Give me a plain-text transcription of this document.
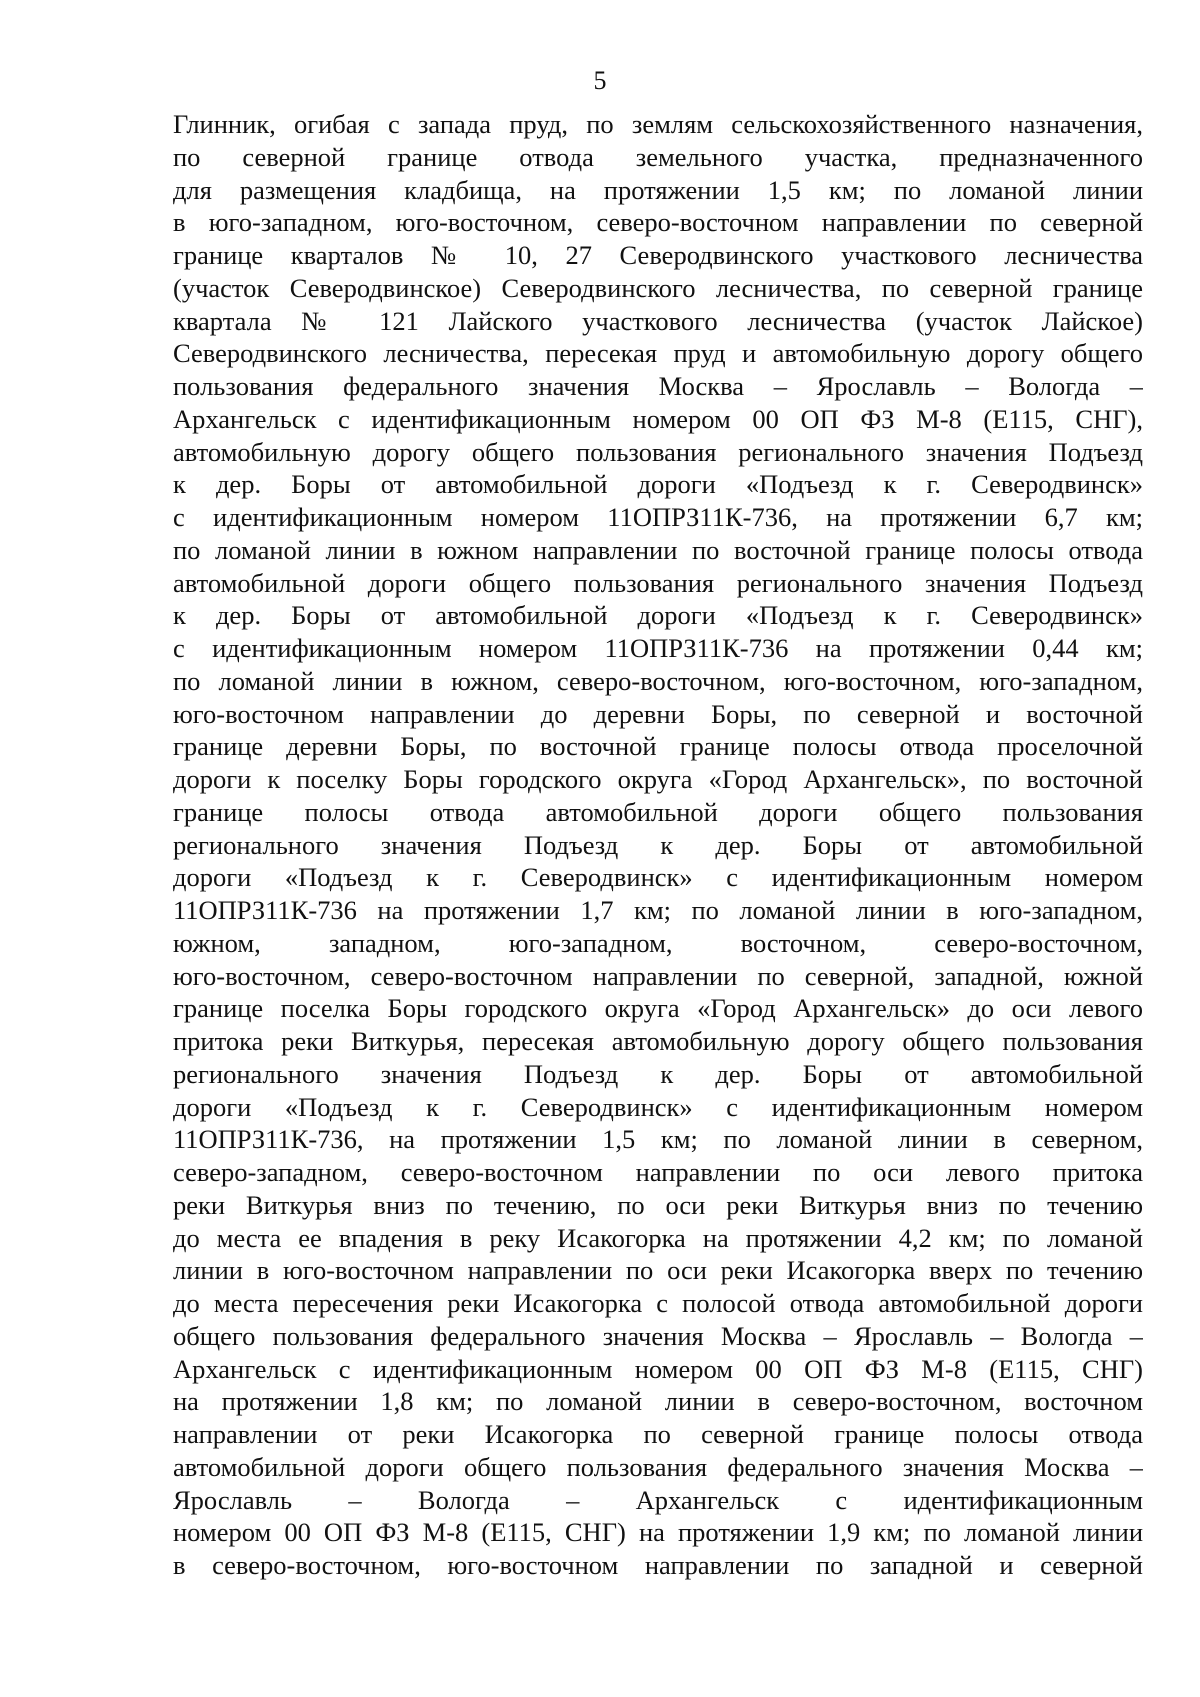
5
Глинник, огибая с запада пруд, по землям сельскохозяйственного назначения,
по северной границе отвода земельного участка, предназначенного
для размещения кладбища, на протяжении 1,5 км; по ломаной линии
в юго-западном, юго-восточном, северо-восточном направлении по северной
границе кварталов № 10, 27 Северодвинского участкового лесничества
(участок Северодвинское) Северодвинского лесничества, по северной границе
квартала № 121 Лайского участкового лесничества (участок Лайское)
Северодвинского лесничества, пересекая пруд и автомобильную дорогу общего
пользования федерального значения Москва – Ярославль – Вологда –
Архангельск с идентификационным номером 00 ОП ФЗ М-8 (Е115, СНГ),
автомобильную дорогу общего пользования регионального значения Подъезд
к дер. Боры от автомобильной дороги «Подъезд к г. Северодвинск»
с идентификационным номером 11ОПРЗ11К-736, на протяжении 6,7 км;
по ломаной линии в южном направлении по восточной границе полосы отвода
автомобильной дороги общего пользования регионального значения Подъезд
к дер. Боры от автомобильной дороги «Подъезд к г. Северодвинск»
с идентификационным номером 11ОПРЗ11К-736 на протяжении 0,44 км;
по ломаной линии в южном, северо-восточном, юго-восточном, юго-западном,
юго-восточном направлении до деревни Боры, по северной и восточной
границе деревни Боры, по восточной границе полосы отвода проселочной
дороги к поселку Боры городского округа «Город Архангельск», по восточной
границе полосы отвода автомобильной дороги общего пользования
регионального значения Подъезд к дер. Боры от автомобильной
дороги «Подъезд к г. Северодвинск» с идентификационным номером
11ОПРЗ11К-736 на протяжении 1,7 км; по ломаной линии в юго-западном,
южном, западном, юго-западном, восточном, северо-восточном,
юго-восточном, северо-восточном направлении по северной, западной, южной
границе поселка Боры городского округа «Город Архангельск» до оси левого
притока реки Виткурья, пересекая автомобильную дорогу общего пользования
регионального значения Подъезд к дер. Боры от автомобильной
дороги «Подъезд к г. Северодвинск» с идентификационным номером
11ОПРЗ11К-736, на протяжении 1,5 км; по ломаной линии в северном,
северо-западном, северо-восточном направлении по оси левого притока
реки Виткурья вниз по течению, по оси реки Виткурья вниз по течению
до места ее впадения в реку Исакогорка на протяжении 4,2 км; по ломаной
линии в юго-восточном направлении по оси реки Исакогорка вверх по течению
до места пересечения реки Исакогорка с полосой отвода автомобильной дороги
общего пользования федерального значения Москва – Ярославль – Вологда –
Архангельск с идентификационным номером 00 ОП ФЗ М-8 (Е115, СНГ)
на протяжении 1,8 км; по ломаной линии в северо-восточном, восточном
направлении от реки Исакогорка по северной границе полосы отвода
автомобильной дороги общего пользования федерального значения Москва –
Ярославль – Вологда – Архангельск с идентификационным
номером 00 ОП ФЗ М-8 (Е115, СНГ) на протяжении 1,9 км; по ломаной линии
в северо-восточном, юго-восточном направлении по западной и северной
